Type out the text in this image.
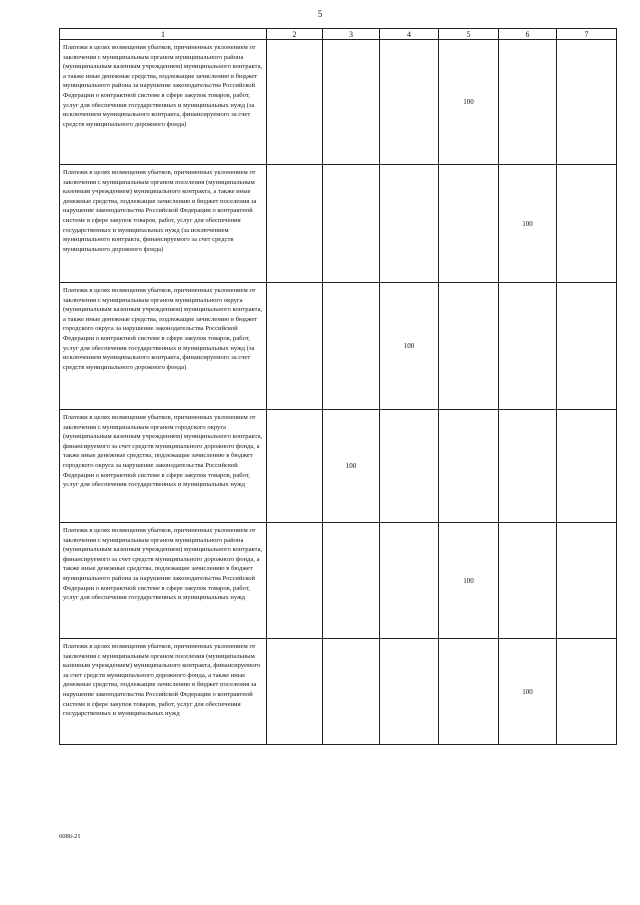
5
1	2	3	4	5	6	7
Платежи в целях возмещения убытков, причиненных уклонением от заключения с муниципальным органом муниципального района (муниципальным казенным учреждением) муниципального контракта, а также иные денежные средства, подлежащие зачислению в бюджет муниципального района за нарушение законодательства Российской Федерации о контрактной системе в сфере закупок товаров, работ, услуг для обеспечения государственных и муниципальных нужд (за исключением муниципального контракта, финансируемого за счет средств муниципального дорожного фонда)				100		
Платежи в целях возмещения убытков, причиненных уклонением от заключения с муниципальным органом поселения (муниципальным казенным учреждением) муниципального контракта, а также иные денежные средства, подлежащие зачислению в бюджет поселения за нарушение законодательства Российской Федерации о контрактной системе в сфере закупок товаров, работ, услуг для обеспечения государственных и муниципальных нужд (за исключением муниципального контракта, финансируемого за счет средств муниципального дорожного фонда)					100	
Платежи в целях возмещения убытков, причиненных уклонением от заключения с муниципальным органом муниципального округа (муниципальным казенным учреждением) муниципального контракта, а также иные денежные средства, подлежащие зачислению в бюджет городского округа за нарушение законодательства Российской Федерации о контрактной системе в сфере закупок товаров, работ, услуг для обеспечения государственных и муниципальных нужд (за исключением муниципального контракта, финансируемого за счет средств муниципального дорожного фонда)			100			
Платежи в целях возмещения убытков, причиненных уклонением от заключения с муниципальным органом городского округа (муниципальным казенным учреждением) муниципального контракта, финансируемого за счет средств муниципального дорожного фонда, а также иные денежные средства, подлежащие зачислению в бюджет городского округа за нарушение законодательства Российской Федерации о контрактной системе в сфере закупок товаров, работ, услуг для обеспечения государственных и муниципальных нужд		100				
Платежи в целях возмещения убытков, причиненных уклонением от заключения с муниципальным органом муниципального района (муниципальным казенным учреждением) муниципального контракта, финансируемого за счет средств муниципального дорожного фонда, а также иные денежные средства, подлежащие зачислению в бюджет муниципального района за нарушение законодательства Российской Федерации о контрактной системе в сфере закупок товаров, работ, услуг для обеспечения государственных и муниципальных нужд				100		
Платежи в целях возмещения убытков, причиненных уклонением от заключения с муниципальным органом поселения (муниципальным казенным учреждением) муниципального контракта, финансируемого за счет средств муниципального дорожного фонда, а также иные денежные средства, подлежащие зачислению в бюджет поселения за нарушение законодательства Российской Федерации о контрактной системе в сфере закупок товаров, работ, услуг для обеспечения государственных и муниципальных нужд					100	
6086-21
